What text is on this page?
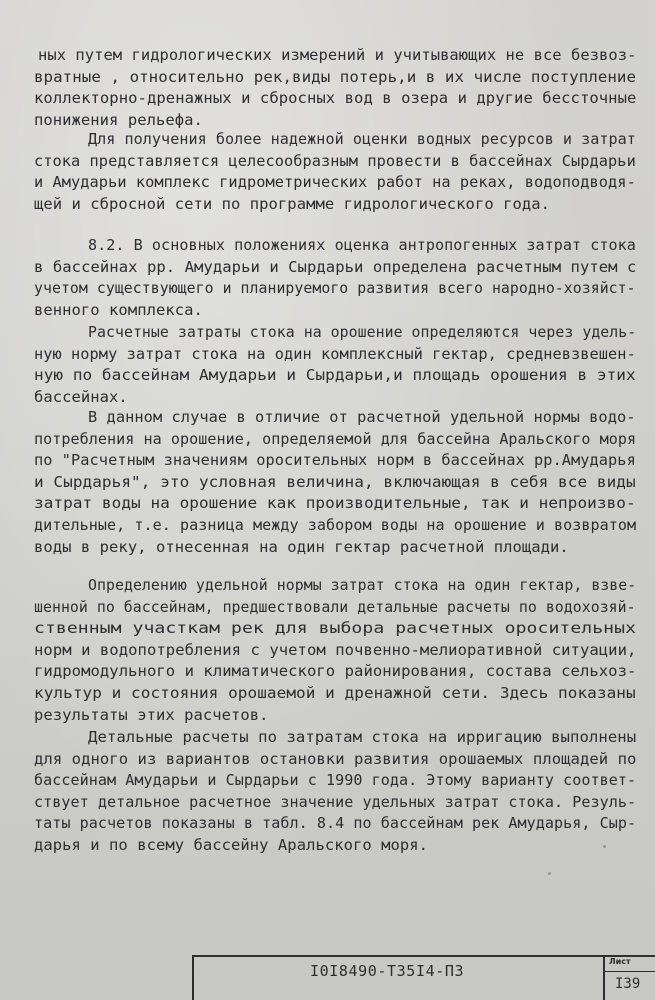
ных путем гидрологических измерений и учитывающих не все безвоз-
вратные , относительно рек,виды потерь,и в их числе поступление
коллекторно-дренажных и сбросных вод в озера и другие бессточные
понижения рельефа.
Для получения более надежной оценки водных ресурсов и затрат
стока представляется целесообразным провести в бассейнах Сырдарьи
и Амударьи комплекс гидрометрических работ на реках, водоподводя-
щей и сбросной сети по программе гидрологического года.
8.2. В основных положениях оценка антропогенных затрат стока
в бассейнах рр. Амударьи и Сырдарьи определена расчетным путем с
учетом существующего и планируемого развития всего народно-хозяйст-
венного комплекса.
Расчетные затраты стока на орошение определяются через удель-
ную норму затрат стока на один комплексный гектар, средневзвешен-
ную по бассейнам Амударьи и Сырдарьи,и площадь орошения в этих
бассейнах.
В данном случае в отличие от расчетной удельной нормы водо-
потребления на орошение, определяемой для бассейна Аральского моря
по "Расчетным значениям оросительных норм в бассейнах рр.Амударья
и Сырдарья", это условная величина, включающая в себя все виды
затрат воды на орошение как производительные, так и непроизво-
дительные, т.е. разница между забором воды на орошение и возвратом
воды в реку, отнесенная на один гектар расчетной площади.
Определению удельной нормы затрат стока на один гектар, взве-
шенной по бассейнам, предшествовали детальные расчеты по водохозяй-
ственным участкам рек для выбора расчетных оросительных
норм и водопотребления с учетом почвенно-мелиоративной ситуации,
гидромодульного и климатического районирования, состава сельхоз-
культур и состояния орошаемой и дренажной сети. Здесь показаны
результаты этих расчетов.
Детальные расчеты по затратам стока на ирригацию выполнены
для одного из вариантов остановки развития орошаемых площадей по
бассейнам Амударьи и Сырдарьи с 1990 года. Этому варианту соответ-
ствует детальное расчетное значение удельных затрат стока. Резуль-
таты расчетов показаны в табл. 8.4 по бассейнам рек Амударья, Сыр-
дарья и по всему бассейну Аральского моря.
I0I8490-Т35I4-ПЗ
Лист
I39
